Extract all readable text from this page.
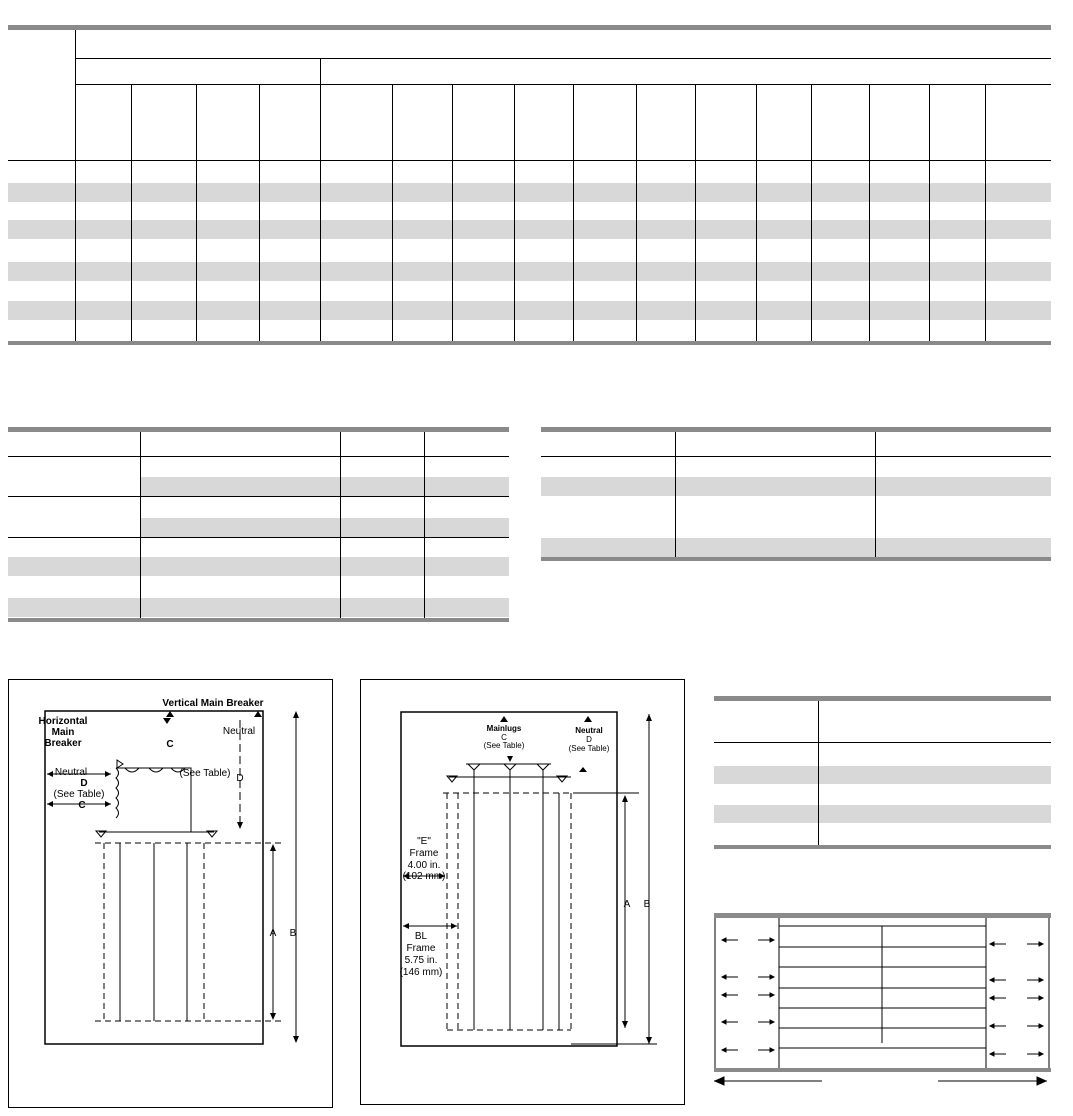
Vertical Main Breaker
Horizontal
Main
Breaker	C
D
C
Neutral
(See Table) D
Neutral
(See Table)
A B
Mainlugs
C
(See Table)
Neutral
D
(See Table)
"E"
Frame
4.00 in.
(102 mm)
BL
Frame
5.75 in.
(146 mm)
A B
